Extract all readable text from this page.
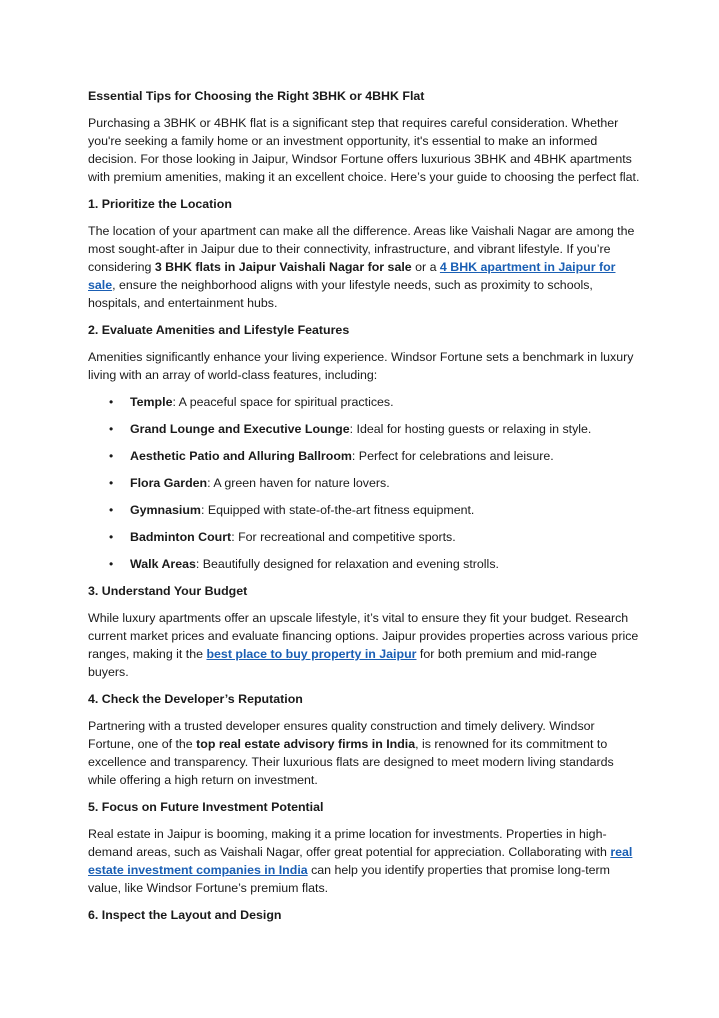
Essential Tips for Choosing the Right 3BHK or 4BHK Flat

Purchasing a 3BHK or 4BHK flat is a significant step that requires careful consideration. Whether you're seeking a family home or an investment opportunity, it's essential to make an informed decision. For those looking in Jaipur, Windsor Fortune offers luxurious 3BHK and 4BHK apartments with premium amenities, making it an excellent choice. Here’s your guide to choosing the perfect flat.

1. Prioritize the Location

The location of your apartment can make all the difference. Areas like Vaishali Nagar are among the most sought-after in Jaipur due to their connectivity, infrastructure, and vibrant lifestyle. If you’re considering 3 BHK flats in Jaipur Vaishali Nagar for sale or a 4 BHK apartment in Jaipur for sale, ensure the neighborhood aligns with your lifestyle needs, such as proximity to schools, hospitals, and entertainment hubs.

2. Evaluate Amenities and Lifestyle Features

Amenities significantly enhance your living experience. Windsor Fortune sets a benchmark in luxury living with an array of world-class features, including:

• Temple: A peaceful space for spiritual practices.
• Grand Lounge and Executive Lounge: Ideal for hosting guests or relaxing in style.
• Aesthetic Patio and Alluring Ballroom: Perfect for celebrations and leisure.
• Flora Garden: A green haven for nature lovers.
• Gymnasium: Equipped with state-of-the-art fitness equipment.
• Badminton Court: For recreational and competitive sports.
• Walk Areas: Beautifully designed for relaxation and evening strolls.
3. Understand Your Budget

While luxury apartments offer an upscale lifestyle, it’s vital to ensure they fit your budget. Research current market prices and evaluate financing options. Jaipur provides properties across various price ranges, making it the best place to buy property in Jaipur for both premium and mid-range buyers.

4. Check the Developer’s Reputation

Partnering with a trusted developer ensures quality construction and timely delivery. Windsor Fortune, one of the top real estate advisory firms in India, is renowned for its commitment to excellence and transparency. Their luxurious flats are designed to meet modern living standards while offering a high return on investment.

5. Focus on Future Investment Potential

Real estate in Jaipur is booming, making it a prime location for investments. Properties in high-demand areas, such as Vaishali Nagar, offer great potential for appreciation. Collaborating with real estate investment companies in India can help you identify properties that promise long-term value, like Windsor Fortune’s premium flats.

6. Inspect the Layout and Design
